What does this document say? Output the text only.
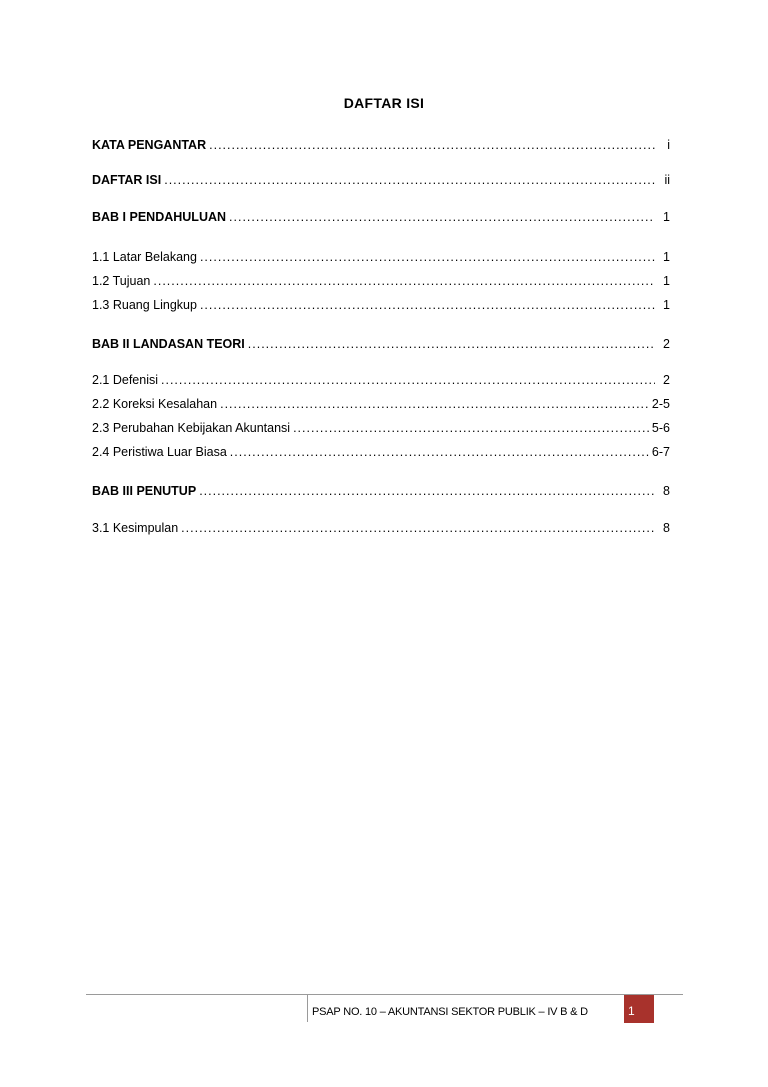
DAFTAR ISI
KATA PENGANTAR .....	i
DAFTAR ISI .....	ii
BAB I PENDAHULUAN .....	1
1.1 Latar Belakang .....	1
1.2 Tujuan .....	1
1.3 Ruang Lingkup .....	1
BAB II LANDASAN TEORI .....	2
2.1 Defenisi .....	2
2.2 Koreksi Kesalahan .....	2-5
2.3 Perubahan Kebijakan Akuntansi .....	5-6
2.4 Peristiwa Luar Biasa .....	6-7
BAB III PENUTUP .....	8
3.1 Kesimpulan .....	8
PSAP NO. 10 – AKUNTANSI SEKTOR PUBLIK – IV B & D	1
